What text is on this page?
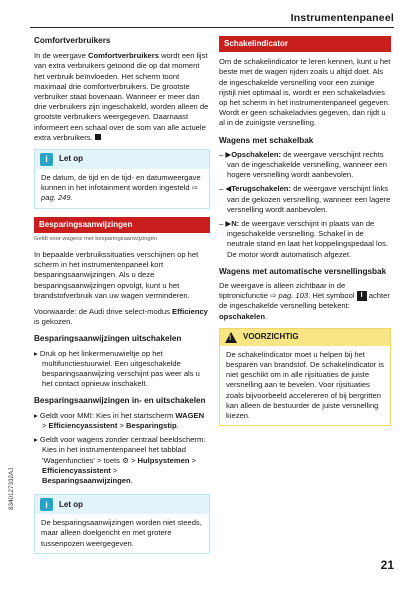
Instrumentenpaneel
Comfortverbruikers

In de weergave Comfortverbruikers wordt een lijst van extra verbruikers getoond die op dat moment het verbruik beïnvloeden. Het scherm toont maximaal drie comfortverbruikers. De grootste verbruiker staat bovenaan. Wanneer er meer dan drie verbruikers zijn ingeschakeld, worden alleen de grootste verbruikers weergegeven. Daarnaast informeert een schaal over de som van alle actuele extra verbruikers.

i	Let op
De datum, de tijd en de tijd- en datumweergave kunnen in het infotainment worden ingesteld ⇨ pag. 249.
Besparingsaanwijzingen
Geldt voor wagens met besparingsaanwijzingen

In bepaalde verbruikssituaties verschijnen op het scherm in het instrumentenpaneel kort besparingsaanwijzingen. Als u deze besparingsaanwijzingen opvolgt, kunt u het brandstofverbruik van uw wagen verminderen.

Voorwaarde: de Audi drive select-modus Efficiency is gekozen.

Besparingsaanwijzingen uitschakelen
▸ Druk op het linkermenuwieltje op het multifunctiestuurwiel. Een uitgeschakelde besparingsaanwijzing verschijnt pas weer als u het contact opnieuw inschakelt.
Besparingsaanwijzingen in- en uitschakelen
▸ Geldt voor MMI: Kies in het startscherm WAGEN > Efficiencyassistent > Besparingstip.
▸ Geldt voor wagens zonder centraal beeldscherm: Kies in het instrumentenpaneel het tabblad 'Wagenfuncties' > toets ⚙ > Hulpsystemen > Efficiencyassistent > Besparingsaanwijzingen.
i	Let op
De besparingsaanwijzingen worden niet steeds, maar alleen doelgericht en met grotere tussenpozen weergegeven.
Schakelindicator

Om de schakelindicator te leren kennen, kunt u het beste met de wagen rijden zoals u altijd doet. Als de ingeschakelde versnelling voor een zuinige rijstijl niet optimaal is, wordt er een schakeladvies op het scherm in het instrumentenpaneel gegeven. Wordt er geen schakeladvies gegeven, dan rijdt u al in de zuinigste versnelling.

Wagens met schakelbak
– ▶Opschakelen: de weergave verschijnt rechts van de ingeschakelde versnelling, wanneer een hogere versnelling wordt aanbevolen.
– ◀Terugschakelen: de weergave verschijnt links van de gekozen versnelling, wanneer een lagere versnelling wordt aanbevolen.
– ▶N: de weergave verschijnt in plaats van de ingeschakelde versnelling. Schakel in de neutrale stand en laat het koppelingspedaal los. De motor wordt automatisch afgezet.
Wagens met automatische versnellingsbak

De weergave is alleen zichtbaar in de tiptronicfunctie ⇨ pag. 103. Het symbool I achter de ingeschakelde versnelling betekent: opschakelen.

! VOORZICHTIG
De schakelindicator moet u helpen bij het besparen van brandstof. De schakelindicator is niet geschikt om in alle rijsituaties de juiste versnelling aan te bevelen. Voor rijsituaties zoals bijvoorbeeld accelereren of bij bergritten kan alleen de bestuurder de juiste versnelling kiezen.
8340127332AJ
21
